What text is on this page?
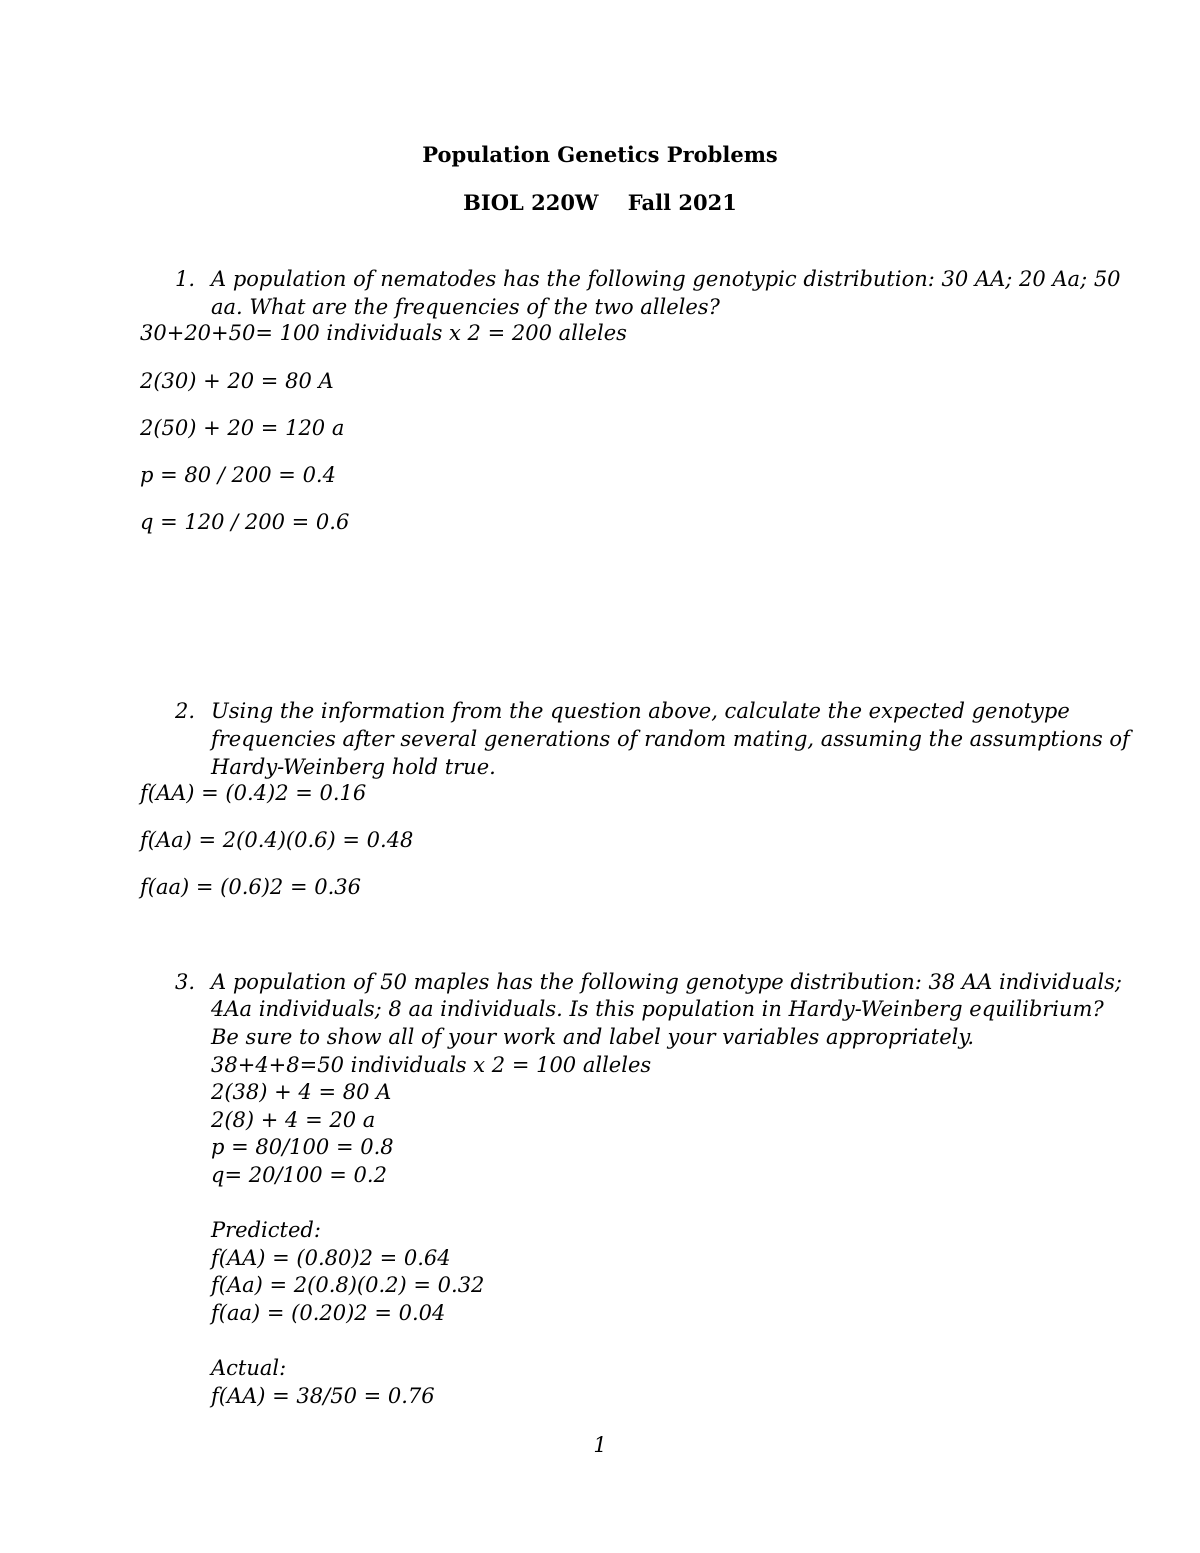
Population Genetics Problems
BIOL 220W    Fall 2021
1. A population of nematodes has the following genotypic distribution: 30 AA; 20 Aa; 50
aa. What are the frequencies of the two alleles?
30+20+50= 100 individuals x 2 = 200 alleles
2(30) + 20 = 80 A
2(50) + 20 = 120 a
p = 80 / 200 = 0.4
q = 120 / 200 = 0.6
2. Using the information from the question above, calculate the expected genotype
frequencies after several generations of random mating, assuming the assumptions of
Hardy-Weinberg hold true.
f(AA) = (0.4)2 = 0.16
f(Aa) = 2(0.4)(0.6) = 0.48
f(aa) = (0.6)2 = 0.36
3. A population of 50 maples has the following genotype distribution: 38 AA individuals;
4Aa individuals; 8 aa individuals. Is this population in Hardy-Weinberg equilibrium?
Be sure to show all of your work and label your variables appropriately.
38+4+8=50 individuals x 2 = 100 alleles
2(38) + 4 = 80 A
2(8) + 4 = 20 a
p = 80/100 = 0.8
q= 20/100 = 0.2
Predicted:
f(AA) = (0.80)2 = 0.64
f(Aa) = 2(0.8)(0.2) = 0.32
f(aa) = (0.20)2 = 0.04
Actual:
f(AA) = 38/50 = 0.76
1
